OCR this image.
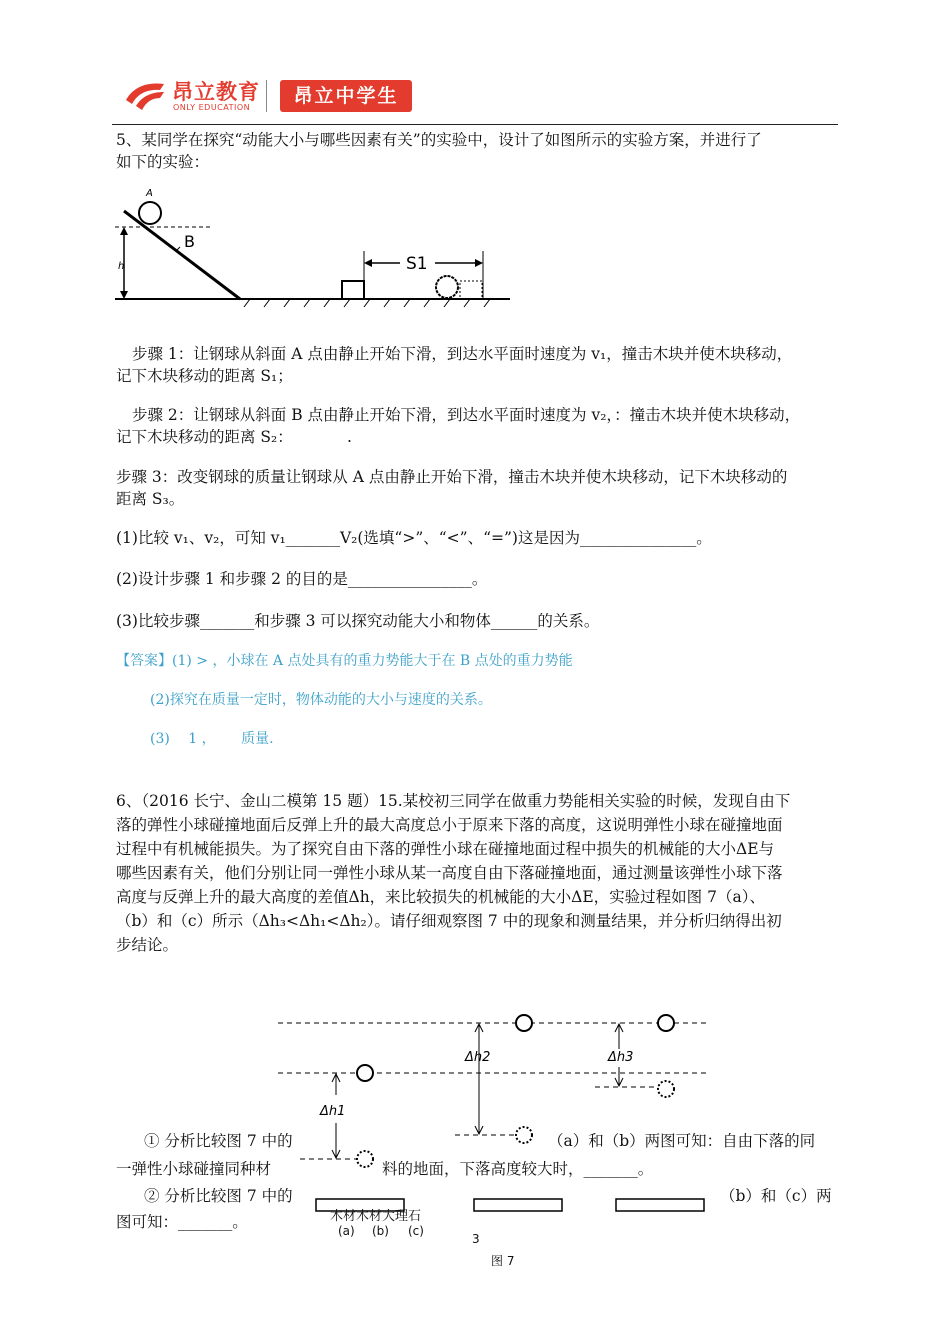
昂立教育
ONLY EDUCATION
昂立中学生
5、某同学在探究“动能大小与哪些因素有关”的实验中，设计了如图所示的实验方案，并进行了
如下的实验：
A
B
h	S1
步骤 1：让钢球从斜面 A 点由静止开始下滑，到达水平面时速度为 v₁，撞击木块并使木块移动，
记下木块移动的距离 S₁；
步骤 2：让钢球从斜面 B 点由静止开始下滑，到达水平面时速度为 v₂，：撞击木块并使木块移动，
记下木块移动的距离 S₂：　　　　.
步骤 3：改变钢球的质量让钢球从 A 点由静止开始下滑，撞击木块并使木块移动，记下木块移动的
距离 S₃。
(1)比较 v₁、v₂，可知 v₁_______V₂(选填“>”、“<”、“=”)这是因为_______________。
(2)设计步骤 1 和步骤 2 的目的是________________。
(3)比较步骤_______和步骤 3 可以探究动能大小和物体______的关系。
【答案】(1) > ，小球在 A 点处具有的重力势能大于在 B 点处的重力势能
(2)探究在质量一定时，物体动能的大小与速度的关系。
(3)　 1 ，　　 质量.
6、（2016 长宁、金山二模第 15 题）15.某校初三同学在做重力势能相关实验的时候，发现自由下
落的弹性小球碰撞地面后反弹上升的最大高度总小于原来下落的高度，这说明弹性小球在碰撞地面
过程中有机械能损失。为了探究自由下落的弹性小球在碰撞地面过程中损失的机械能的大小ΔE与
哪些因素有关，他们分别让同一弹性小球从某一高度自由下落碰撞地面，通过测量该弹性小球下落
高度与反弹上升的最大高度的差值Δh，来比较损失的机械能的大小ΔE，实验过程如图 7（a）、
（b）和（c）所示（Δh₃<Δh₁<Δh₂）。请仔细观察图 7 中的现象和测量结果，并分析归纳得出初
步结论。
Δh2	Δh3
Δh1
① 分析比较图 7 中的	（a）和（b）两图可知：自由下落的同
一弹性小球碰撞同种材	料的地面，下落高度较大时，_______。
② 分析比较图 7 中的	（b）和（c）两
图可知：_______。	木材木材大理石
(a) (b) (c)
3
图 7
